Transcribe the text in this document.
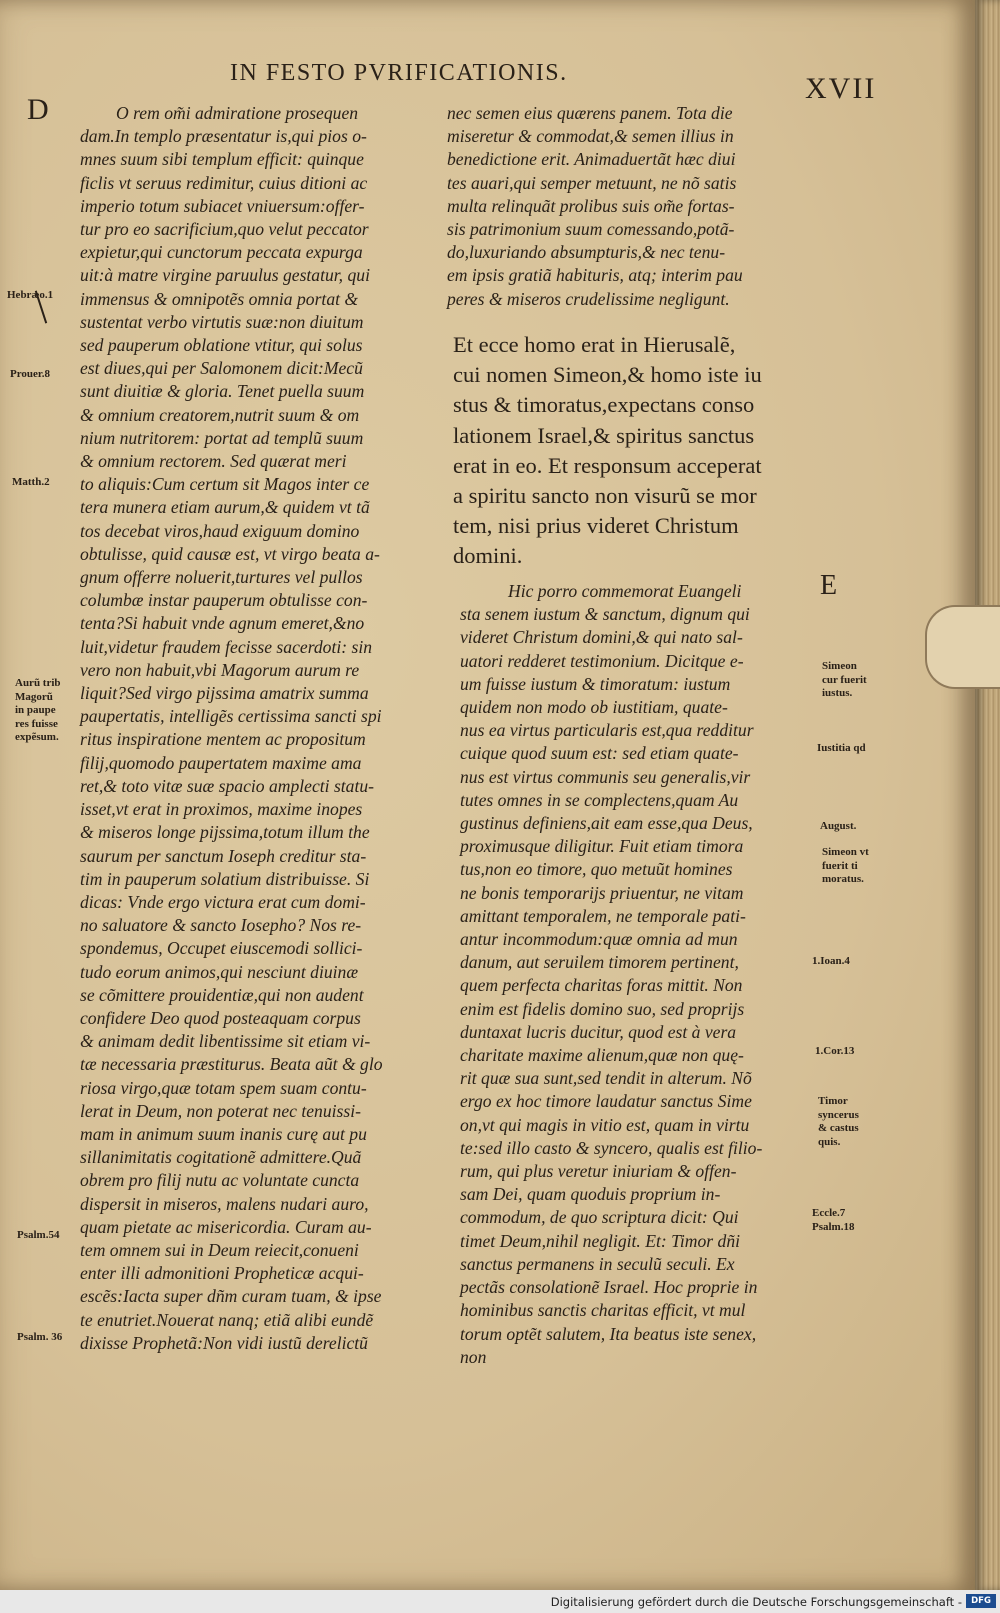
IN FESTO PVRIFICATIONIS.	XVII
D
E
O rem om̃i admiratione prosequen
dam.In templo præsentatur is,qui pios o-
mnes suum sibi templum efficit: quinque
ficlis vt seruus redimitur, cuius ditioni ac
imperio totum subiacet vniuersum:offer-
tur pro eo sacrificium,quo velut peccator
expietur,qui cunctorum peccata expurga
uit:à matre virgine paruulus gestatur, qui
immensus & omnipotẽs omnia portat &
sustentat verbo virtutis suæ:non diuitum
sed pauperum oblatione vtitur, qui solus
est diues,qui per Salomonem dicit:Mecũ
sunt diuitiæ & gloria. Tenet puella suum
& omnium creatorem,nutrit suum & om
nium nutritorem: portat ad templũ suum
& omnium rectorem. Sed quærat meri
to aliquis:Cum certum sit Magos inter ce
tera munera etiam aurum,& quidem vt tã
tos decebat viros,haud exiguum domino
obtulisse, quid causæ est, vt virgo beata a-
gnum offerre noluerit,turtures vel pullos
columbæ instar pauperum obtulisse con-
tenta?Si habuit vnde agnum emeret,&no
luit,videtur fraudem fecisse sacerdoti: sin
vero non habuit,vbi Magorum aurum re
liquit?Sed virgo pijssima amatrix summa
paupertatis, intelligẽs certissima sancti spi
ritus inspiratione mentem ac propositum
filij,quomodo paupertatem maxime ama
ret,& toto vitæ suæ spacio amplecti statu-
isset,vt erat in proximos, maxime inopes
& miseros longe pijssima,totum illum the
saurum per sanctum Ioseph creditur sta-
tim in pauperum solatium distribuisse. Si
dicas: Vnde ergo victura erat cum domi-
no saluatore & sancto Iosepho? Nos re-
spondemus, Occupet eiuscemodi sollici-
tudo eorum animos,qui nesciunt diuinæ
se cõmittere prouidentiæ,qui non audent
confidere Deo quod posteaquam corpus
& animam dedit libentissime sit etiam vi-
tæ necessaria præstiturus. Beata aũt & glo
riosa virgo,quæ totam spem suam contu-
lerat in Deum, non poterat nec tenuissi-
mam in animum suum inanis curę aut pu
sillanimitatis cogitationẽ admittere.Quã
obrem pro filij nutu ac voluntate cuncta
dispersit in miseros, malens nudari auro,
quam pietate ac misericordia. Curam au-
tem omnem sui in Deum reiecit,conueni
enter illi admonitioni Propheticæ acqui-
escẽs:Iacta super dñm curam tuam, & ipse
te enutriet.Nouerat nanq; etiã alibi eundẽ
dixisse Prophetã:Non vidi iustũ derelictũ
nec semen eius quærens panem. Tota die
miseretur & commodat,& semen illius in
benedictione erit. Animaduertãt hæc diui
tes auari,qui semper metuunt, ne nõ satis
multa relinquãt prolibus suis om̃e fortas-
sis patrimonium suum comessando,potã-
do,luxuriando absumpturis,& nec tenu-
em ipsis gratiã habituris, atq; interim pau
peres & miseros crudelissime negligunt.
Et ecce homo erat in Hierusalẽ,
cui nomen Simeon,& homo iste iu
stus & timoratus,expectans conso
lationem Israel,& spiritus sanctus
erat in eo. Et responsum acceperat
a spiritu sancto non visurũ se mor
tem, nisi prius videret Christum
domini.
Hic porro commemorat Euangeli
sta senem iustum & sanctum, dignum qui
videret Christum domini,& qui nato sal-
uatori redderet testimonium. Dicitque e-
um fuisse iustum & timoratum: iustum
quidem non modo ob iustitiam, quate-
nus ea virtus particularis est,qua redditur
cuique quod suum est: sed etiam quate-
nus est virtus communis seu generalis,vir
tutes omnes in se complectens,quam Au
gustinus definiens,ait eam esse,qua Deus,
proximusque diligitur. Fuit etiam timora
tus,non eo timore, quo metuũt homines
ne bonis temporarijs priuentur, ne vitam
amittant temporalem, ne temporale pati-
antur incommodum:quæ omnia ad mun
danum, aut seruilem timorem pertinent,
quem perfecta charitas foras mittit. Non
enim est fidelis domino suo, sed proprijs
duntaxat lucris ducitur, quod est à vera
charitate maxime alienum,quæ non quę-
rit quæ sua sunt,sed tendit in alterum. Nõ
ergo ex hoc timore laudatur sanctus Sime
on,vt qui magis in vitio est, quam in virtu
te:sed illo casto & syncero, qualis est filio-
rum, qui plus veretur iniuriam & offen-
sam Dei, quam quoduis proprium in-
commodum, de quo scriptura dicit: Qui
timet Deum,nihil negligit. Et: Timor dñi
sanctus permanens in seculũ seculi. Ex
pectãs consolationẽ Israel. Hoc proprie in
hominibus sanctis charitas efficit, vt mul
torum optẽt salutem, Ita beatus iste senex,
non
Hebræo.1
Prouer.8
Matth.2
Aurũ trib
Magorũ
in paupe
res fuisse
expẽsum.
Psalm.54
Psalm. 36
Simeon
cur fuerit
iustus.
Iustitia qd
August.
Simeon vt
fuerit ti
moratus.
1.Ioan.4
1.Cor.13
Timor
syncerus
& castus
quis.
Eccle.7
Psalm.18
Digitalisierung gefördert durch die Deutsche Forschungsgemeinschaft -	DFG
